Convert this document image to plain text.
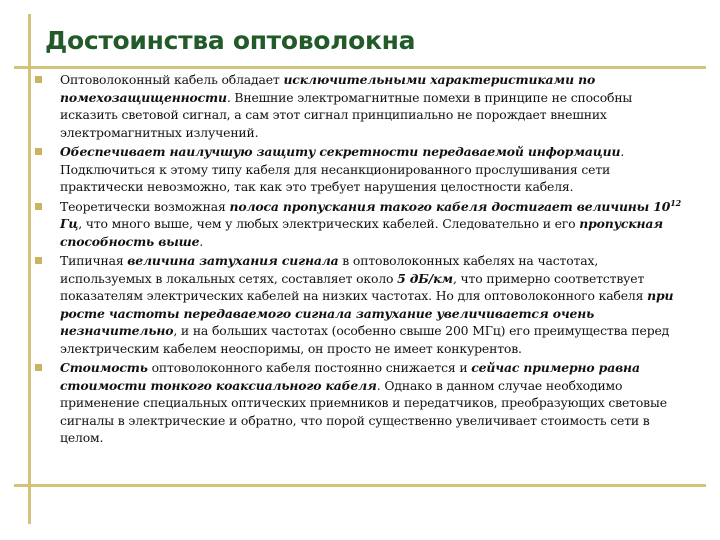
Достоинства оптоволокна
Оптоволоконный кабель обладает исключительными характеристиками по помехозащищенности. Внешние электромагнитные помехи в принципе не способны исказить световой сигнал, а сам этот сигнал принципиально не порождает внешних электромагнитных излучений.
Обеспечивает наилучшую защиту секретности передаваемой информации. Подключиться к этому типу кабеля для несанкционированного прослушивания сети практически невозможно, так как это требует нарушения целостности кабеля.
Теоретически возможная полоса пропускания такого кабеля достигает величины $10^{12}$ Гц, что много выше, чем у любых электрических кабелей. Следовательно и его пропускная способность выше.
Типичная величина затухания сигнала в оптоволоконных кабелях на частотах, используемых в локальных сетях, составляет около 5 дБ/км, что примерно соответствует показателям электрических кабелей на низких частотах. Но для оптоволоконного кабеля при росте частоты передаваемого сигнала затухание увеличивается очень незначительно, и на больших частотах (особенно свыше 200 МГц) его преимущества перед электрическим кабелем неоспоримы, он просто не имеет конкурентов.
Стоимость оптоволоконного кабеля постоянно снижается и сейчас примерно равна стоимости тонкого коаксиального кабеля. Однако в данном случае необходимо применение специальных оптических приемников и передатчиков, преобразующих световые сигналы в электрические и обратно, что порой существенно увеличивает стоимость сети в целом.
